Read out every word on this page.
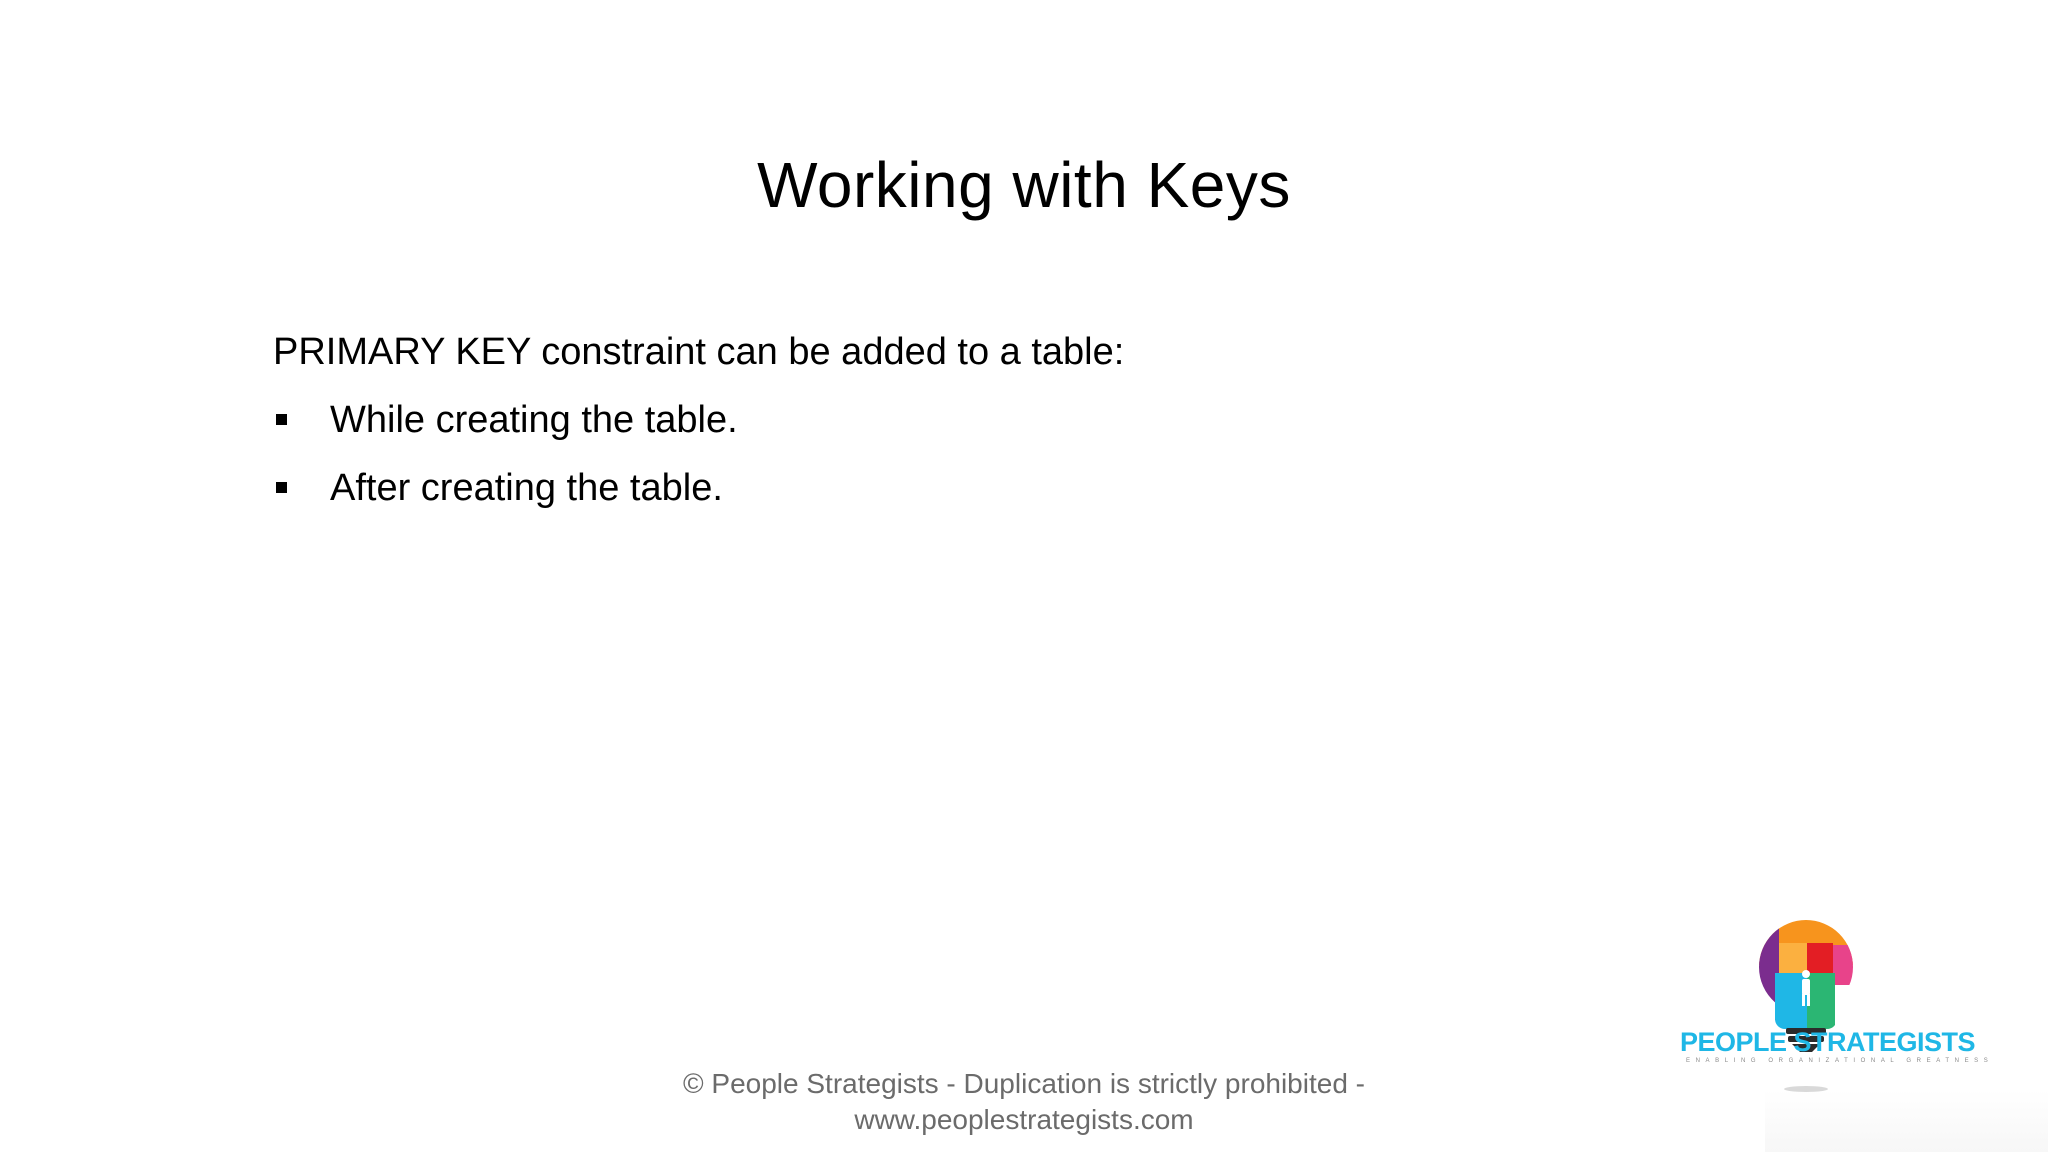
Working with Keys

PRIMARY KEY constraint can be added to a table:

While creating the table.
After creating the table.
PEOPLE STRATEGISTS
ENABLING ORGANIZATIONAL GREATNESS
© People Strategists - Duplication is strictly prohibited -
www.peoplestrategists.com
